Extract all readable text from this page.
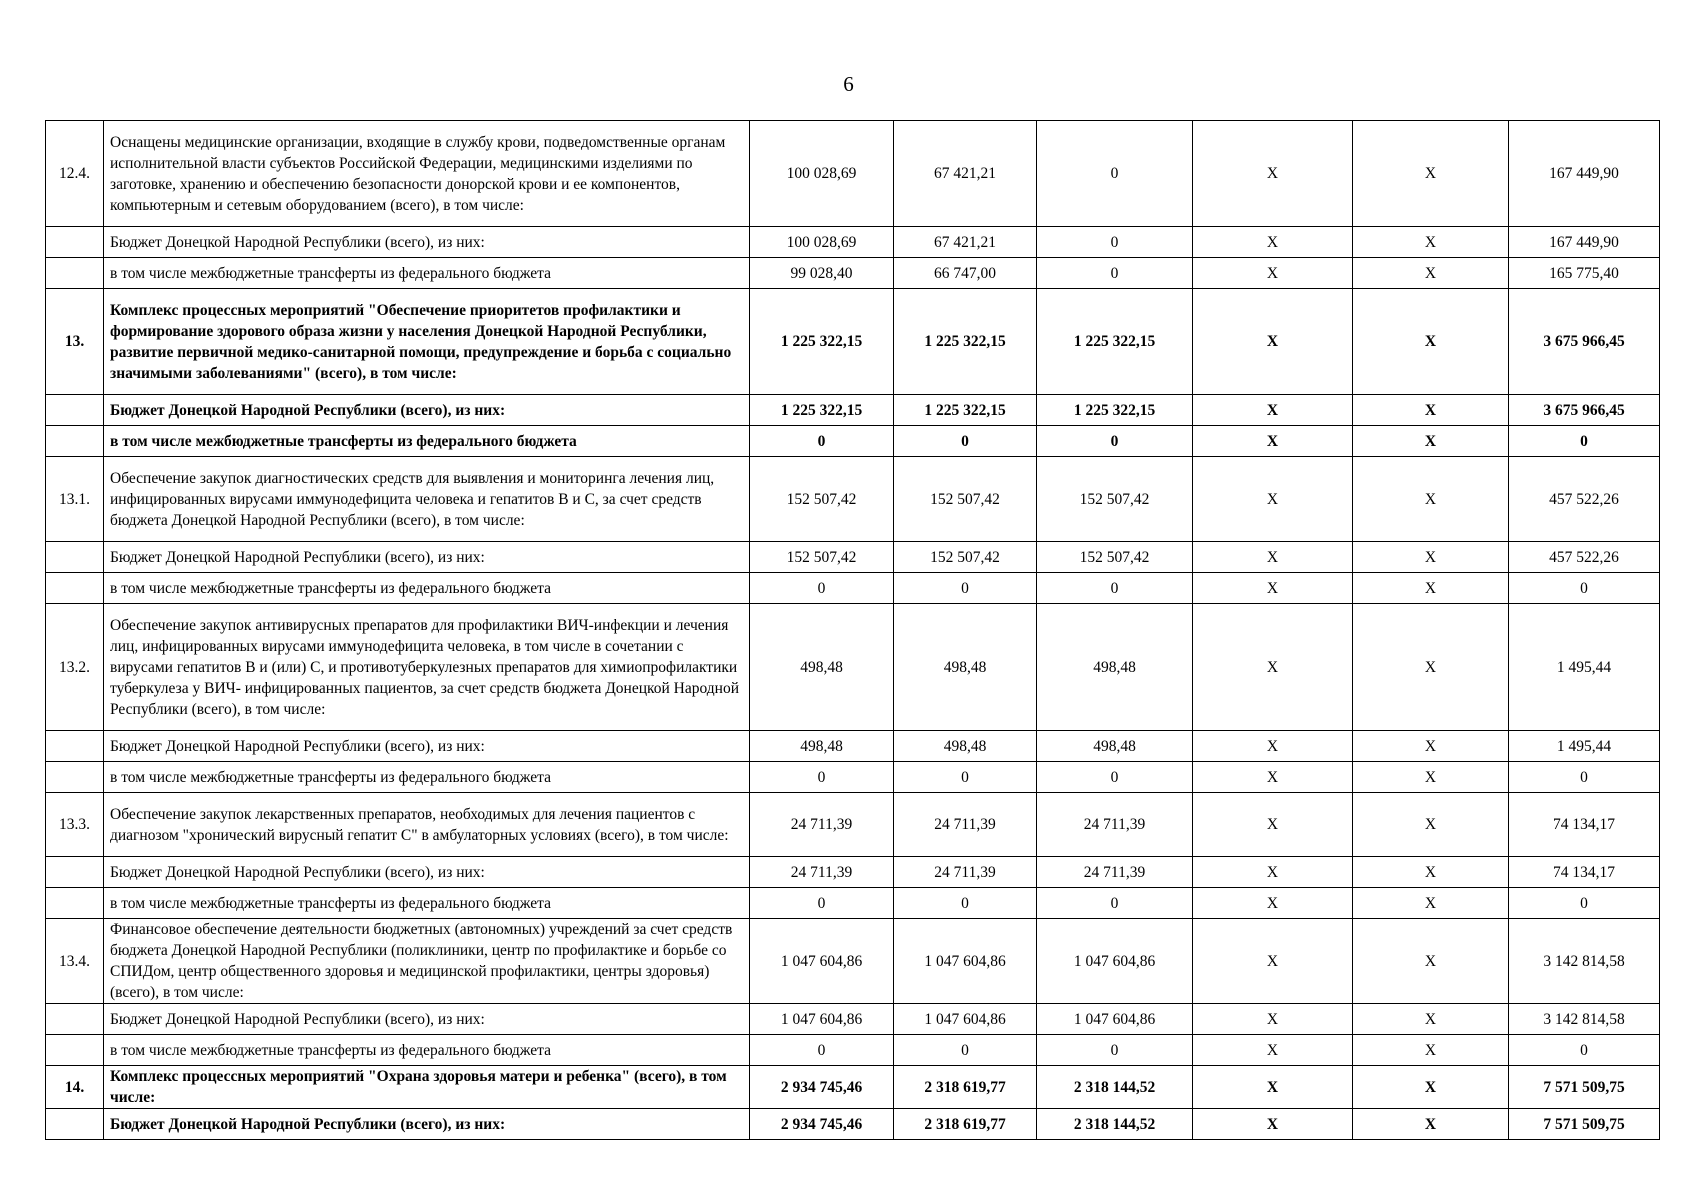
6
12.4.	Оснащены медицинские организации, входящие в службу крови, подведомственные органам исполнительной власти субъектов Российской Федерации, медицинскими изделиями по заготовке, хранению и обеспечению безопасности донорской крови и ее компонентов, компьютерным и сетевым оборудованием (всего), в том числе:	100 028,69	67 421,21	0	X	X	167 449,90
	Бюджет Донецкой Народной Республики (всего), из них:	100 028,69	67 421,21	0	X	X	167 449,90
	в том числе межбюджетные трансферты из федерального бюджета	99 028,40	66 747,00	0	X	X	165 775,40
13.	Комплекс процессных мероприятий "Обеспечение приоритетов профилактики и формирование здорового образа жизни у населения Донецкой Народной Республики, развитие первичной медико-санитарной помощи, предупреждение и борьба с социально значимыми заболеваниями" (всего), в том числе:	1 225 322,15	1 225 322,15	1 225 322,15	X	X	3 675 966,45
	Бюджет Донецкой Народной Республики (всего), из них:	1 225 322,15	1 225 322,15	1 225 322,15	X	X	3 675 966,45
	в том числе межбюджетные трансферты из федерального бюджета	0	0	0	X	X	0
13.1.	Обеспечение закупок диагностических средств для выявления и мониторинга лечения лиц, инфицированных вирусами иммунодефицита человека и гепатитов В и С, за счет средств бюджета Донецкой Народной Республики (всего), в том числе:	152 507,42	152 507,42	152 507,42	X	X	457 522,26
	Бюджет Донецкой Народной Республики (всего), из них:	152 507,42	152 507,42	152 507,42	X	X	457 522,26
	в том числе межбюджетные трансферты из федерального бюджета	0	0	0	X	X	0
13.2.	Обеспечение закупок антивирусных препаратов для профилактики ВИЧ-инфекции и лечения лиц, инфицированных вирусами иммунодефицита человека, в том числе в сочетании с вирусами гепатитов В и (или) С, и противотуберкулезных препаратов для химиопрофилактики туберкулеза у ВИЧ- инфицированных пациентов, за счет средств бюджета Донецкой Народной Республики (всего), в том числе:	498,48	498,48	498,48	X	X	1 495,44
	Бюджет Донецкой Народной Республики (всего), из них:	498,48	498,48	498,48	X	X	1 495,44
	в том числе межбюджетные трансферты из федерального бюджета	0	0	0	X	X	0
13.3.	Обеспечение закупок лекарственных препаратов, необходимых для лечения пациентов с диагнозом "хронический вирусный гепатит С" в амбулаторных условиях (всего), в том числе:	24 711,39	24 711,39	24 711,39	X	X	74 134,17
	Бюджет Донецкой Народной Республики (всего), из них:	24 711,39	24 711,39	24 711,39	X	X	74 134,17
	в том числе межбюджетные трансферты из федерального бюджета	0	0	0	X	X	0
13.4.	Финансовое обеспечение деятельности бюджетных (автономных) учреждений за счет средств бюджета Донецкой Народной Республики (поликлиники, центр по профилактике и борьбе со СПИДом, центр общественного здоровья и медицинской профилактики, центры здоровья) (всего), в том числе:	1 047 604,86	1 047 604,86	1 047 604,86	X	X	3 142 814,58
	Бюджет Донецкой Народной Республики (всего), из них:	1 047 604,86	1 047 604,86	1 047 604,86	X	X	3 142 814,58
	в том числе межбюджетные трансферты из федерального бюджета	0	0	0	X	X	0
14.	Комплекс процессных мероприятий "Охрана здоровья матери и ребенка" (всего), в том числе:	2 934 745,46	2 318 619,77	2 318 144,52	X	X	7 571 509,75
	Бюджет Донецкой Народной Республики (всего), из них:	2 934 745,46	2 318 619,77	2 318 144,52	X	X	7 571 509,75
